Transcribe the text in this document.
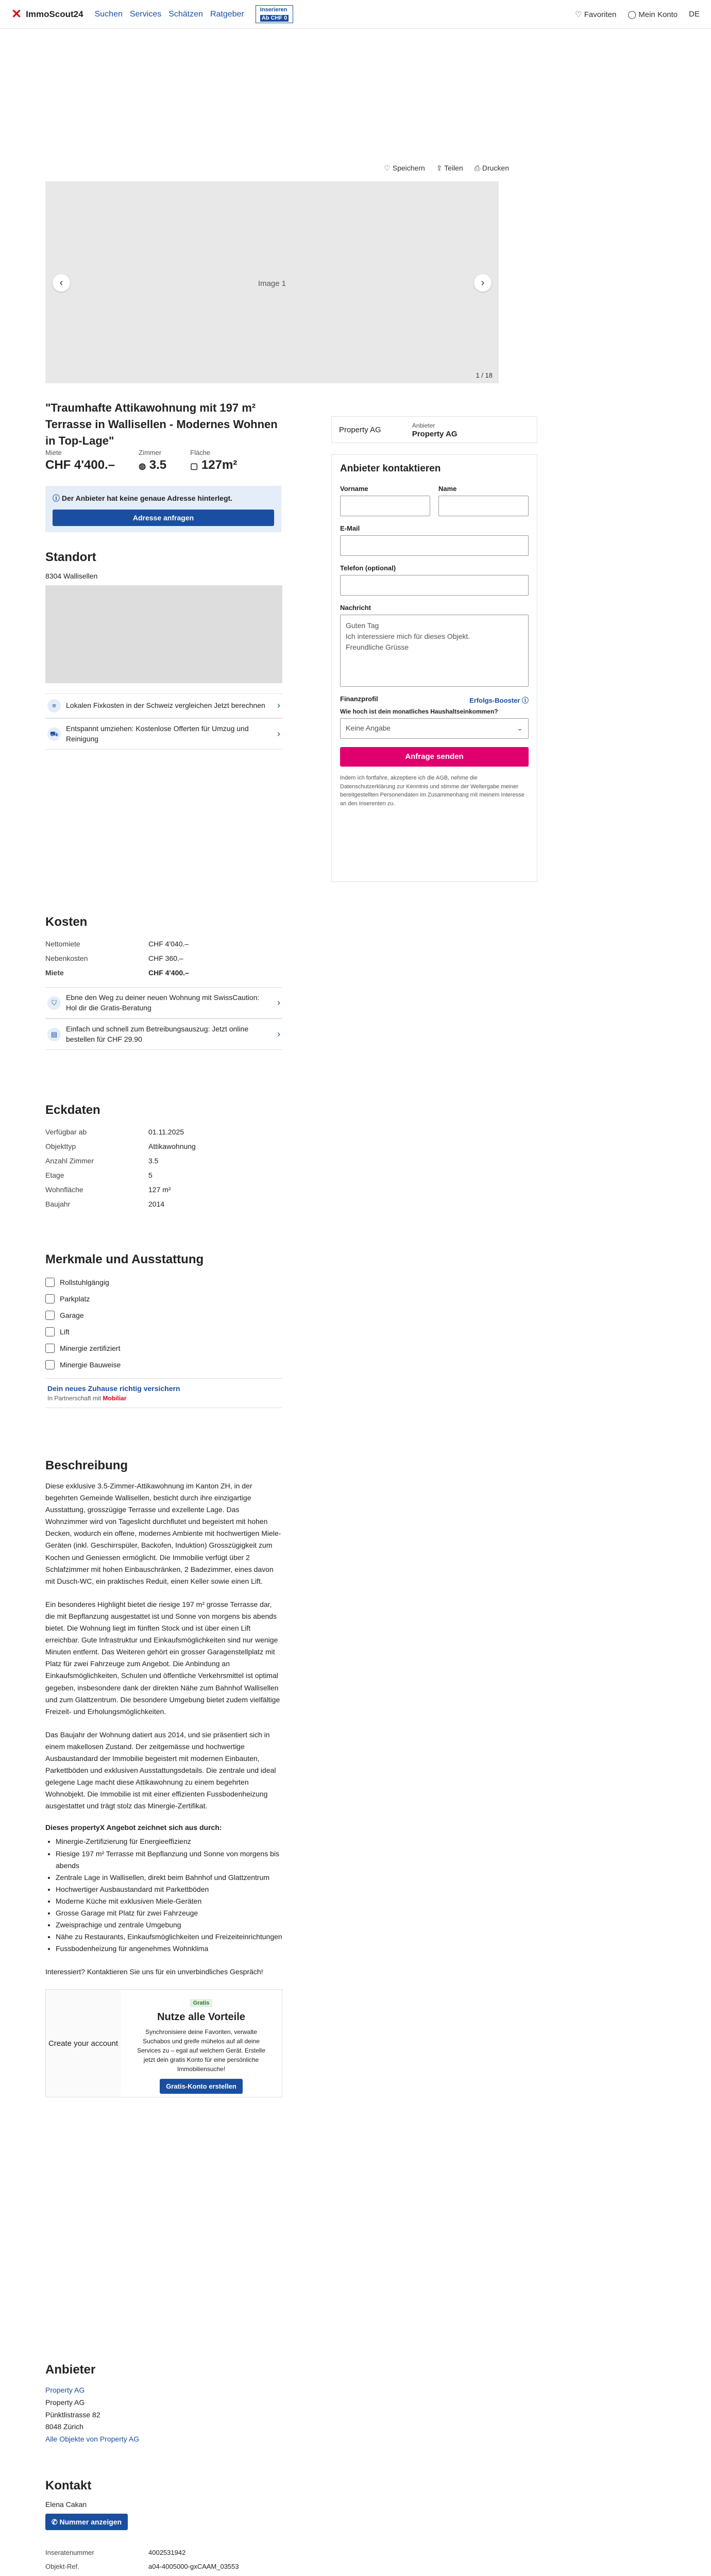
✕ ImmoScout24 Suchen Services Schätzen Ratgeber	Inserieren
Ab CHF 0	♡ Favoriten ◯ Mein Konto DE
♡ Speichern ⇪ Teilen ⎙ Drucken
Image 1
‹	›
1 / 18
"Traumhafte Attikawohnung mit 197 m² Terrasse in Wallisellen - Modernes Wohnen in Top-Lage"
Miete
CHF 4'400.–
Zimmer
◍ 3.5
Fläche
▢ 127m²
ⓘ Der Anbieter hat keine genaue Adresse hinterlegt.
Adresse anfragen
Standort
8304 Wallisellen
≡	Lokalen Fixkosten in der Schweiz vergleichen Jetzt berechnen ›
⛟
Entspannt umziehen: Kostenlose Offerten für Umzug und Reinigung	›
Kosten
Nettomiete	CHF 4'040.–
Nebenkosten	CHF 360.–
Miete	CHF 4'400.–
⛉
Ebne den Weg zu deiner neuen Wohnung mit SwissCaution: Hol dir die Gratis-Beratung	›
▤
Einfach und schnell zum Betreibungsauszug: Jetzt online bestellen für CHF 29.90	›
Eckdaten
Verfügbar ab	01.11.2025
Objekttyp	Attikawohnung
Anzahl Zimmer	3.5
Etage	5
Wohnfläche	127 m²
Baujahr	2014
Merkmale und Ausstattung
Rollstuhlgängig
Parkplatz
Garage
Lift
Minergie zertifiziert
Minergie Bauweise
Dein neues Zuhause richtig versichern
In Partnerschaft mit Mobiliar
Beschreibung

Diese exklusive 3.5-Zimmer-Attikawohnung im Kanton ZH, in der begehrten Gemeinde Wallisellen, besticht durch ihre einzigartige Ausstattung, grosszügige Terrasse und exzellente Lage. Das Wohnzimmer wird von Tageslicht durchflutet und begeistert mit hohen Decken, wodurch ein offene, modernes Ambiente mit hochwertigen Miele-Geräten (inkl. Geschirrspüler, Backofen, Induktion) Grosszügigkeit zum Kochen und Geniessen ermöglicht. Die Immobilie verfügt über 2 Schlafzimmer mit hohen Einbauschränken, 2 Badezimmer, eines davon mit Dusch-WC, ein praktisches Reduit, einen Keller sowie einen Lift.

Ein besonderes Highlight bietet die riesige 197 m² grosse Terrasse dar, die mit Bepflanzung ausgestattet ist und Sonne von morgens bis abends bietet. Die Wohnung liegt im fünften Stock und ist über einen Lift erreichbar. Gute Infrastruktur und Einkaufsmöglichkeiten sind nur wenige Minuten entfernt. Das Weiteren gehört ein grosser Garagenstellplatz mit Platz für zwei Fahrzeuge zum Angebot. Die Anbindung an Einkaufsmöglichkeiten, Schulen und öffentliche Verkehrsmittel ist optimal gegeben, insbesondere dank der direkten Nähe zum Bahnhof Wallisellen und zum Glattzentrum. Die besondere Umgebung bietet zudem vielfältige Freizeit- und Erholungsmöglichkeiten.

Das Baujahr der Wohnung datiert aus 2014, und sie präsentiert sich in einem makellosen Zustand. Der zeitgemässe und hochwertige Ausbaustandard der Immobilie begeistert mit modernen Einbauten, Parkettböden und exklusiven Ausstattungsdetails. Die zentrale und ideal gelegene Lage macht diese Attikawohnung zu einem begehrten Wohnobjekt. Die Immobilie ist mit einer effizienten Fussbodenheizung ausgestattet und trägt stolz das Minergie-Zertifikat.

Dieses propertyX Angebot zeichnet sich aus durch:
• Minergie-Zertifizierung für Energieeffizienz
• Riesige 197 m² Terrasse mit Bepflanzung und Sonne von morgens bis abends
• Zentrale Lage in Wallisellen, direkt beim Bahnhof und Glattzentrum
• Hochwertiger Ausbaustandard mit Parkettböden
• Moderne Küche mit exklusiven Miele-Geräten
• Grosse Garage mit Platz für zwei Fahrzeuge
• Zweisprachige und zentrale Umgebung
• Nähe zu Restaurants, Einkaufsmöglichkeiten und Freizeiteinrichtungen
• Fussbodenheizung für angenehmes Wohnklima

Interessiert? Kontaktieren Sie uns für ein unverbindliches Gespräch!

Create your account
Gratis
Nutze alle Vorteile
Synchronisiere deine Favoriten, verwalte Suchabos und greife mühelos auf all deine Services zu – egal auf welchem Gerät. Erstelle jetzt dein gratis Konto für eine persönliche Immobiliensuche!
Gratis-Konto erstellen
Anbieter
Property AG
Property AG
Pünktlistrasse 82
8048 Zürich
Alle Objekte von Property AG
Kontakt
Elena Cakan
✆ Nummer anzeigen
Inseratenummer	4002531942
Objekt-Ref.	a04-4005000-gxCAAM_03553
Property AG	Anbieter
Property AG
Anbieter kontaktieren
Vorname	Name
E-Mail
Telefon (optional)
Nachricht
Guten Tag
Ich interessiere mich für dieses Objekt.
Freundliche Grüsse
Finanzprofil	Erfolgs-Booster ⓘ
Wie hoch ist dein monatliches Haushaltseinkommen?
Keine Angabe	⌄
Anfrage senden
Indem ich fortfahre, akzeptiere ich die AGB, nehme die Datenschutzerklärung zur Kenntnis und stimme der Weitergabe meiner bereitgestellten Personendaten im Zusammenhang mit meinem Interesse an den Inserenten zu.
